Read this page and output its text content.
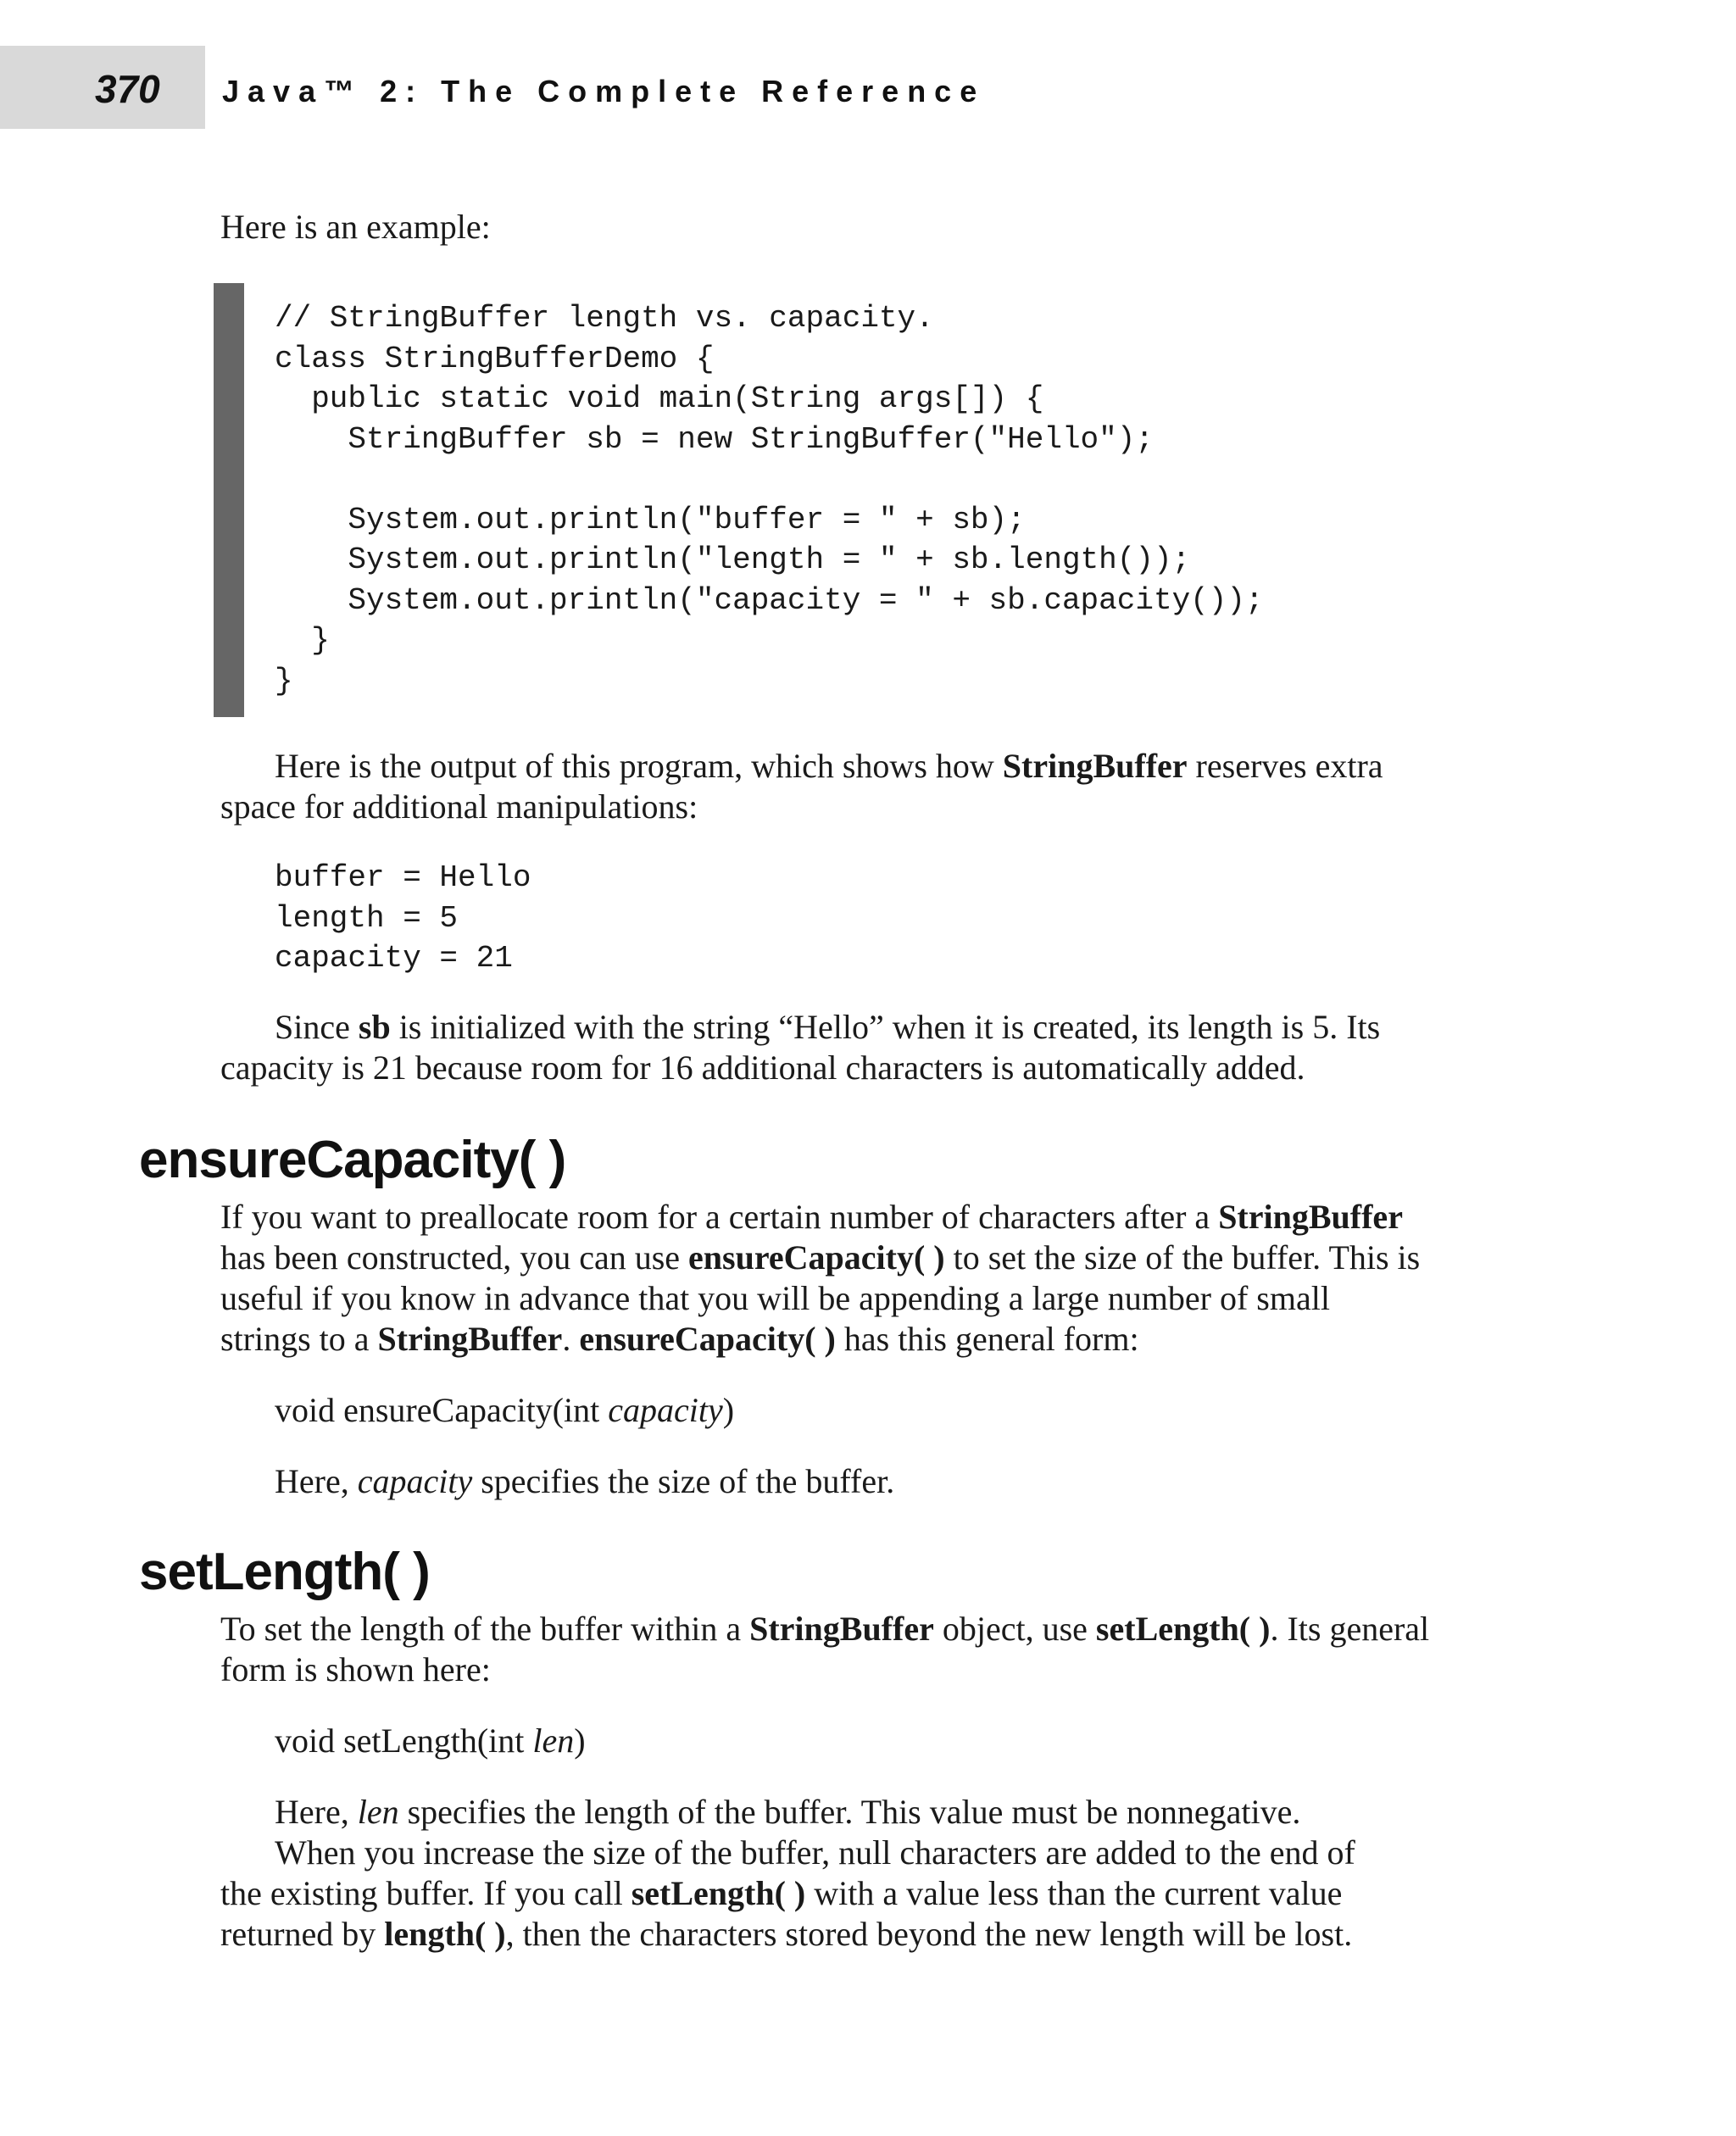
370 Java™ 2: The Complete Reference

Here is an example:

// StringBuffer length vs. capacity.
class StringBufferDemo {
public static void main(String args[]) {
StringBuffer sb = new StringBuffer("Hello");

System.out.println("buffer = " + sb);
System.out.println("length = " + sb.length());
System.out.println("capacity = " + sb.capacity());
}
}

Here is the output of this program, which shows how StringBuffer reserves extra

space for additional manipulations:

buffer = Hello
length = 5
capacity = 21

Since sb is initialized with the string “Hello” when it is created, its length is 5. Its

capacity is 21 because room for 16 additional characters is automatically added.

ensureCapacity( )

If you want to preallocate room for a certain number of characters after a StringBuffer

has been constructed, you can use ensureCapacity( ) to set the size of the buffer. This is

useful if you know in advance that you will be appending a large number of small

strings to a StringBuffer. ensureCapacity( ) has this general form:

void ensureCapacity(int capacity)

Here, capacity specifies the size of the buffer.

setLength( )

To set the length of the buffer within a StringBuffer object, use setLength( ). Its general

form is shown here:

void setLength(int len)

Here, len specifies the length of the buffer. This value must be nonnegative.

When you increase the size of the buffer, null characters are added to the end of

the existing buffer. If you call setLength( ) with a value less than the current value

returned by length( ), then the characters stored beyond the new length will be lost.
